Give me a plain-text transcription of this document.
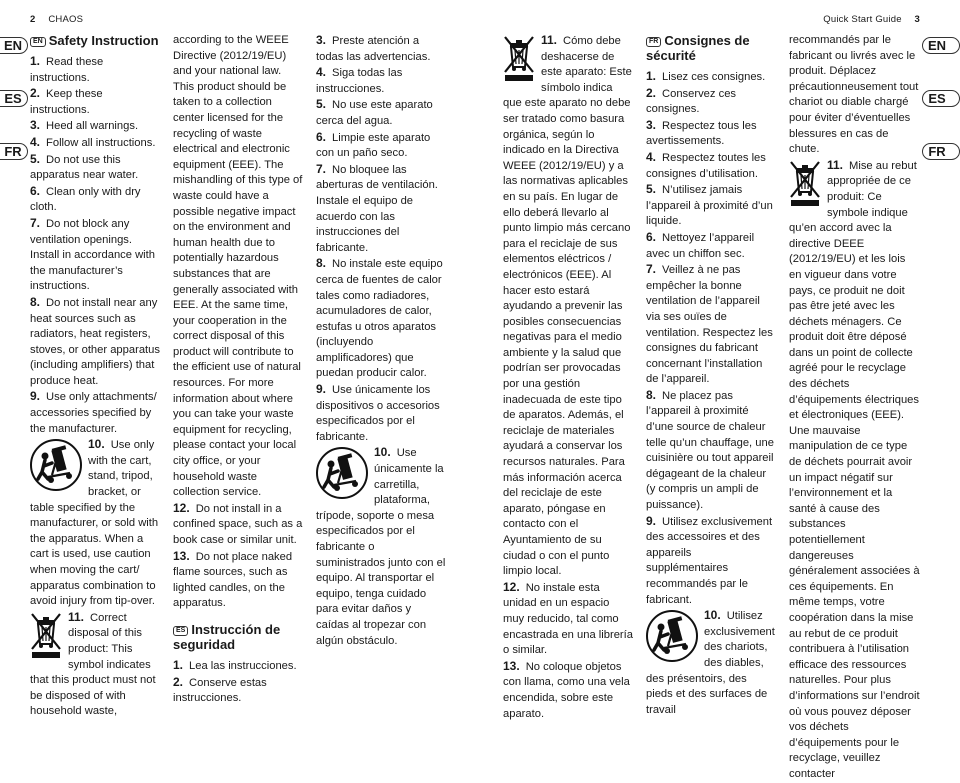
2 CHAOS	Quick Start Guide 3
EN
ES
FR
EN
ES
FR
EN Safety Instruction

1. Read these instructions.

2. Keep these instructions.

3. Heed all warnings.

4. Follow all instructions.

5. Do not use this apparatus near water.

6. Clean only with dry cloth.

7. Do not block any ventilation openings. Install in accordance with the manufacturer’s instructions.

8. Do not install near any heat sources such as radiators, heat registers, stoves, or other apparatus (including amplifiers) that produce heat.

9. Use only attachments/ accessories specified by the manufacturer.

10. Use only with the cart, stand, tripod, bracket, or table specified by the manufacturer, or sold with the apparatus. When a cart is used, use caution when moving the cart/ apparatus combination to avoid injury from tip-over.

11. Correct disposal of this product: This symbol indicates that this product must not be disposed of with household waste,

according to the WEEE Directive (2012/19/EU) and your national law. This product should be taken to a collection center licensed for the recycling of waste electrical and electronic equipment (EEE). The mishandling of this type of waste could have a possible negative impact on the environment and human health due to potentially hazardous substances that are generally associated with EEE. At the same time, your cooperation in the correct disposal of this product will contribute to the efficient use of natural resources. For more information about where you can take your waste equipment for recycling, please contact your local city office, or your household waste collection service.

12. Do not install in a confined space, such as a book case or similar unit.

13. Do not place naked flame sources, such as lighted candles, on the apparatus.

ES Instrucción de seguridad

1. Lea las instrucciones.

2. Conserve estas instrucciones.

3. Preste atención a todas las advertencias.

4. Siga todas las instrucciones.

5. No use este aparato cerca del agua.

6. Limpie este aparato con un paño seco.

7. No bloquee las aberturas de ventilación. Instale el equipo de acuerdo con las instrucciones del fabricante.

8. No instale este equipo cerca de fuentes de calor tales como radiadores, acumuladores de calor, estufas u otros aparatos (incluyendo amplificadores) que puedan producir calor.

9. Use únicamente los dispositivos o accesorios especificados por el fabricante.

10. Use únicamente la carretilla, plataforma, trípode, soporte o mesa especificados por el fabricante o suministrados junto con el equipo. Al transportar el equipo, tenga cuidado para evitar daños y caídas al tropezar con algún obstáculo.

11. Cómo debe deshacerse de este aparato: Este símbolo indica que este aparato no debe ser tratado como basura orgánica, según lo indicado en la Directiva WEEE (2012/19/EU) y a las normativas aplicables en su país. En lugar de ello deberá llevarlo al punto limpio más cercano para el reciclaje de sus elementos eléctricos / electrónicos (EEE). Al hacer esto estará ayudando a prevenir las posibles consecuencias negativas para el medio ambiente y la salud que podrían ser provocadas por una gestión inadecuada de este tipo de aparatos. Además, el reciclaje de materiales ayudará a conservar los recursos naturales. Para más información acerca del reciclaje de este aparato, póngase en contacto con el Ayuntamiento de su ciudad o con el punto limpio local.

12. No instale esta unidad en un espacio muy reducido, tal como encastrada en una librería o similar.

13. No coloque objetos con llama, como una vela encendida, sobre este aparato.

FR Consignes de sécurité

1. Lisez ces consignes.

2. Conservez ces consignes.

3. Respectez tous les avertissements.

4. Respectez toutes les consignes d’utilisation.

5. N’utilisez jamais l’appareil à proximité d’un liquide.

6. Nettoyez l’appareil avec un chiffon sec.

7. Veillez à ne pas empêcher la bonne ventilation de l’appareil via ses ouïes de ventilation. Respectez les consignes du fabricant concernant l’installation de l’appareil.

8. Ne placez pas l’appareil à proximité d’une source de chaleur telle qu’un chauffage, une cuisinière ou tout appareil dégageant de la chaleur (y compris un ampli de puissance).

9. Utilisez exclusivement des accessoires et des appareils supplémentaires recommandés par le fabricant.

10. Utilisez exclusivement des chariots, des diables, des présentoirs, des pieds et des surfaces de travail

recommandés par le fabricant ou livrés avec le produit. Déplacez précautionneusement tout chariot ou diable chargé pour éviter d’éventuelles blessures en cas de chute.

11. Mise au rebut appropriée de ce produit: Ce symbole indique qu’en accord avec la directive DEEE (2012/19/EU) et les lois en vigueur dans votre pays, ce produit ne doit pas être jeté avec les déchets ménagers. Ce produit doit être déposé dans un point de collecte agréé pour le recyclage des déchets d’équipements électriques et électroniques (EEE). Une mauvaise manipulation de ce type de déchets pourrait avoir un impact négatif sur l’environnement et la santé à cause des substances potentiellement dangereuses généralement associées à ces équipements. En même temps, votre coopération dans la mise au rebut de ce produit contribuera à l’utilisation efficace des ressources naturelles. Pour plus d’informations sur l’endroit où vous pouvez déposer vos déchets d’équipements pour le recyclage, veuillez contacter
